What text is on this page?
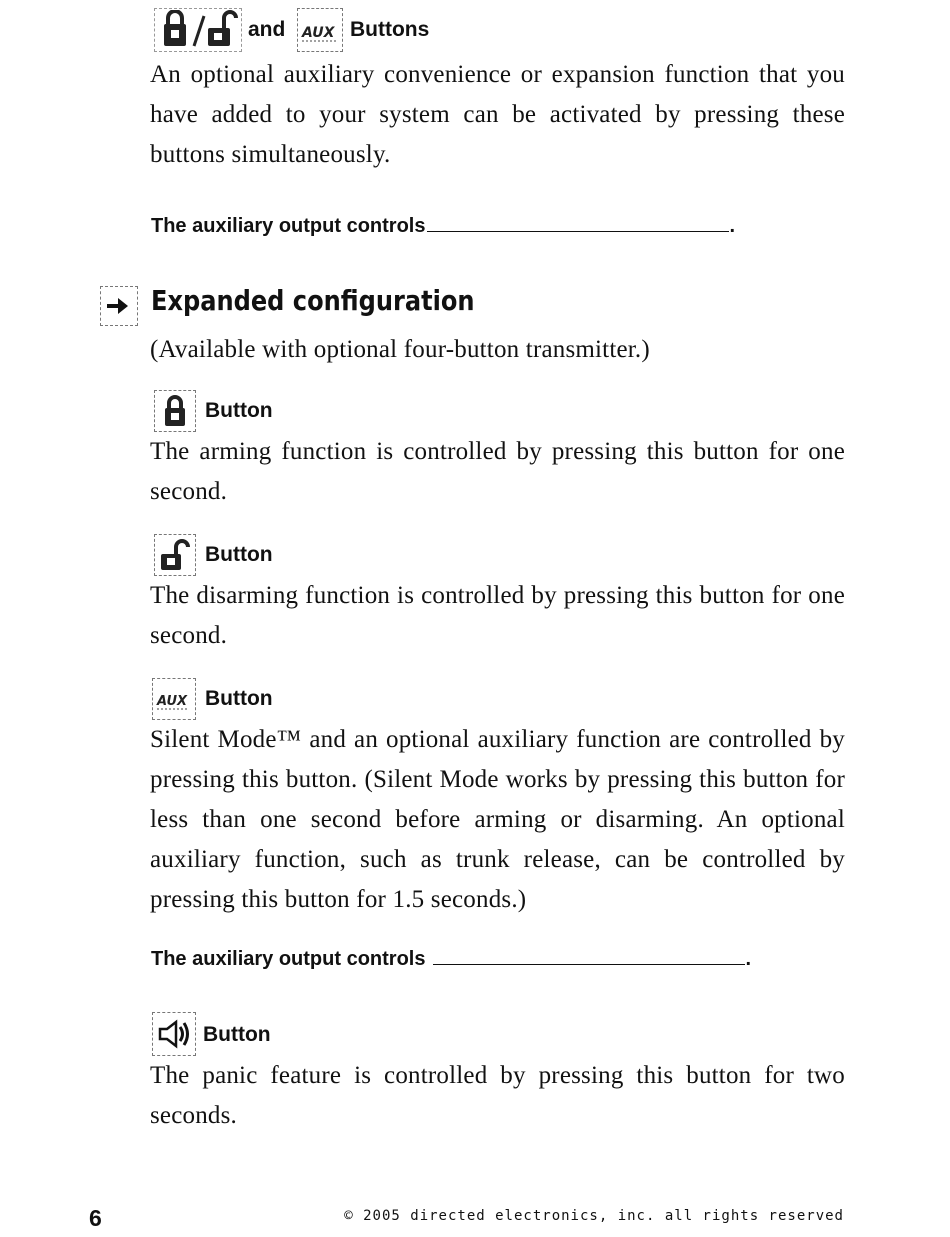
and AUX Buttons
An optional auxiliary convenience or expansion function that you have added to your system can be activated by pressing these buttons simultaneously.
The auxiliary output controls	.
Expanded configuration
(Available with optional four-button transmitter.)
Button
The arming function is controlled by pressing this button for one second.
Button
The disarming function is controlled by pressing this button for one second.
AUX Button
Silent Mode™ and an optional auxiliary function are controlled by pressing this button. (Silent Mode works by pressing this button for less than one second before arming or disarming. An optional auxiliary function, such as trunk release, can be controlled by pressing this button for 1.5 seconds.)
The auxiliary output controls	.
Button
The panic feature is controlled by pressing this button for two seconds.
6	© 2005 directed electronics, inc. all rights reserved
